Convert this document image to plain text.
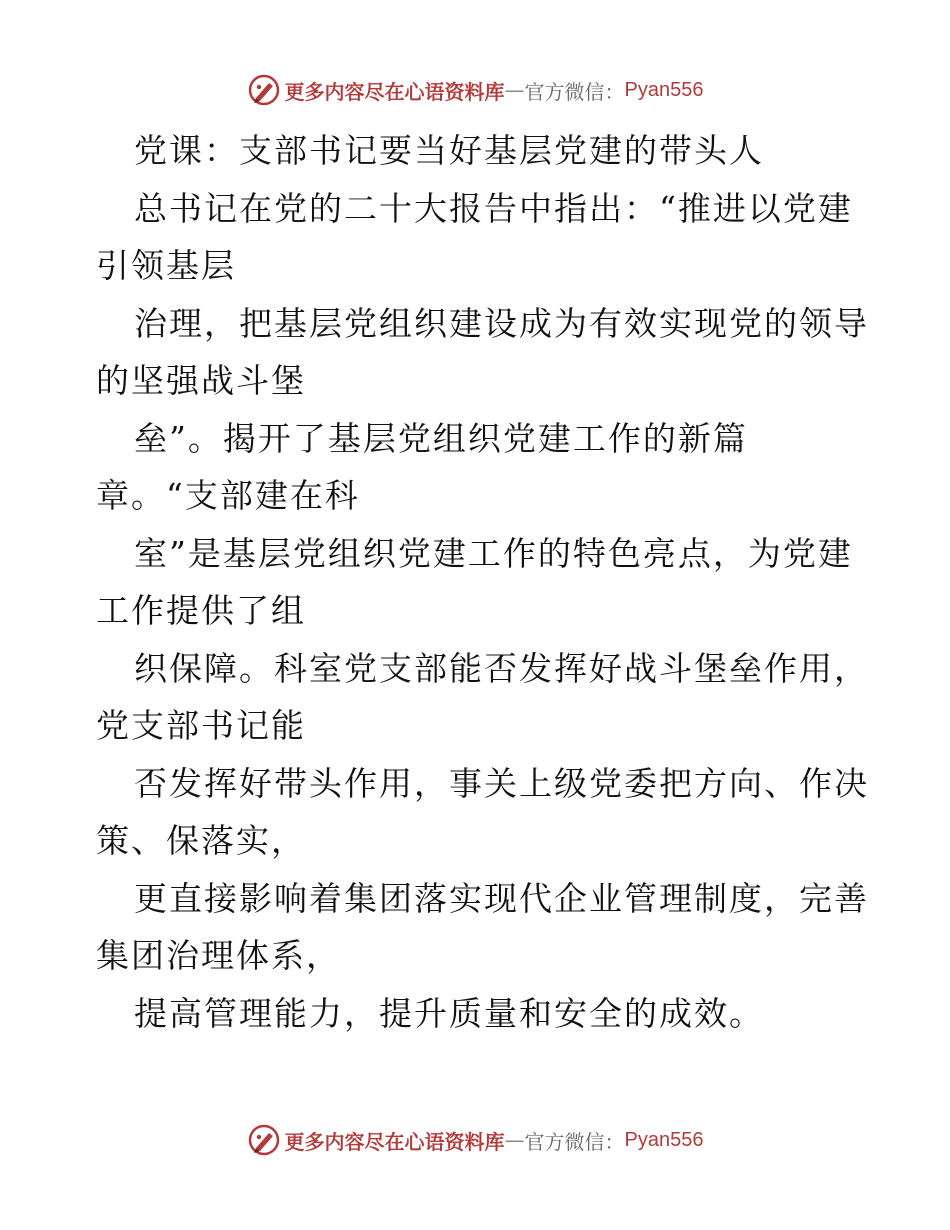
更多内容尽在心语资料库 — 官方微信： Pyan556
党课：支部书记要当好基层党建的带头人
总书记在党的二十大报告中指出：“推进以党建
引领基层
治理，把基层党组织建设成为有效实现党的领导
的坚强战斗堡
垒”。揭开了基层党组织党建工作的新篇
章。“支部建在科
室”是基层党组织党建工作的特色亮点，为党建
工作提供了组
织保障。科室党支部能否发挥好战斗堡垒作用，
党支部书记能
否发挥好带头作用，事关上级党委把方向、作决
策、保落实，
更直接影响着集团落实现代企业管理制度，完善
集团治理体系，
提高管理能力，提升质量和安全的成效。
更多内容尽在心语资料库 — 官方微信： Pyan556
